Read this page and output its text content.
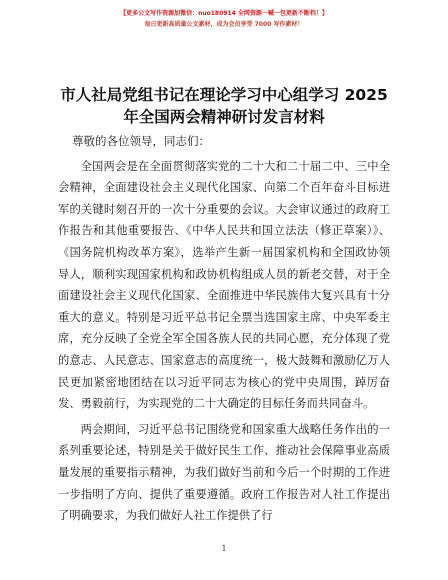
【更多公文写作资源加微信：nuo180914 全网资源一喊一包更新不断档！】
每日更新高质量公文素材，成为会员享受 7000 写作素材！
市人社局党组书记在理论学习中心组学习 2025 年全国两会精神研讨发言材料
尊敬的各位领导，同志们：

全国两会是在全面贯彻落实党的二十大和二十届二中、三中全会精神，全面建设社会主义现代化国家、向第二个百年奋斗目标进军的关键时刻召开的一次十分重要的会议。大会审议通过的政府工作报告和其他重要报告、《中华人民共和国立法法（修正草案）》、《国务院机构改革方案》，选举产生新一届国家机构和全国政协领导人，顺利实现国家机构和政协机构组成人员的新老交替，对于全面建设社会主义现代化国家、全面推进中华民族伟大复兴具有十分重大的意义。特别是习近平总书记全票当选国家主席、中央军委主席，充分反映了全党全军全国各族人民的共同心愿，充分体现了党的意志、人民意志、国家意志的高度统一，极大鼓舞和激励亿万人民更加紧密地团结在以习近平同志为核心的党中央周围，踔厉奋发、勇毅前行，为实现党的二十大确定的目标任务而共同奋斗。

两会期间，习近平总书记围绕党和国家重大战略任务作出的一系列重要论述，特别是关于做好民生工作、推动社会保障事业高质量发展的重要指示精神，为我们做好当前和今后一个时期的工作进一步指明了方向、提供了重要遵循。政府工作报告对人社工作提出了明确要求，为我们做好人社工作提供了行

1
